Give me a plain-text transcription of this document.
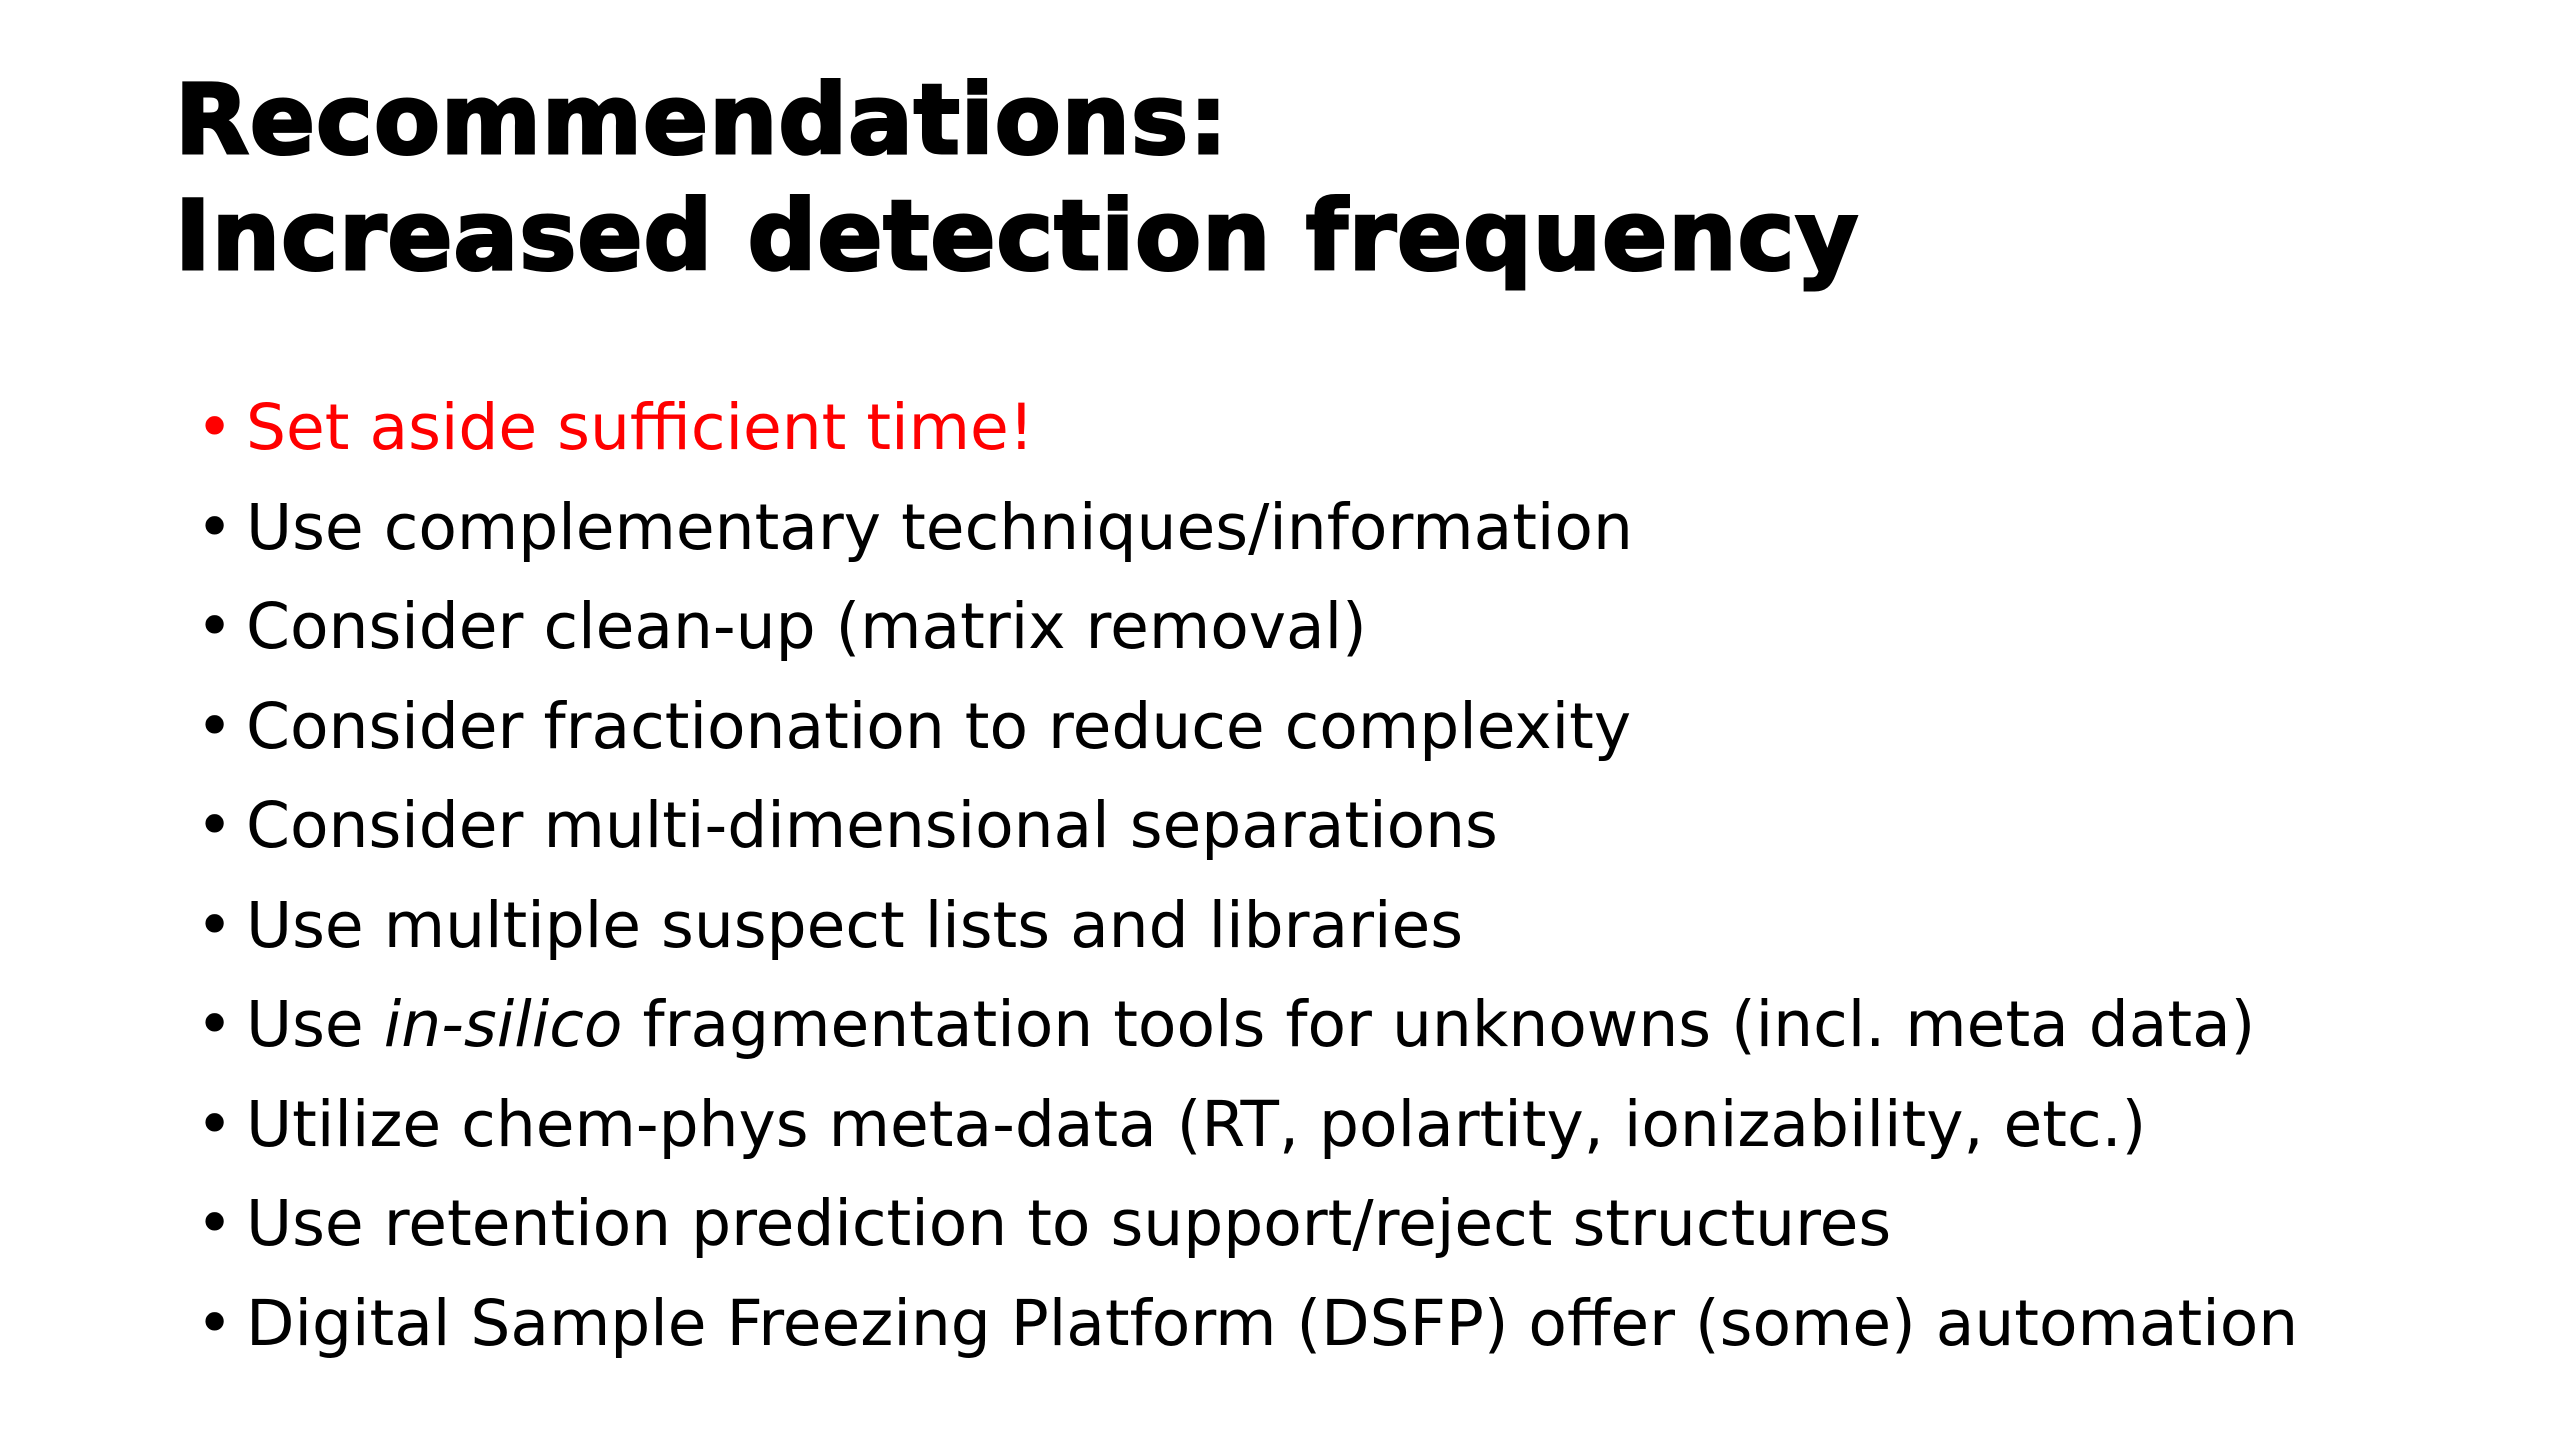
Recommendations:
Increased detection frequency
• Set aside sufficient time!
• Use complementary techniques/information
• Consider clean-up (matrix removal)
• Consider fractionation to reduce complexity
• Consider multi-dimensional separations
• Use multiple suspect lists and libraries
• Use in-silico fragmentation tools for unknowns (incl. meta data)
• Utilize chem-phys meta-data (RT, polartity, ionizability, etc.)
• Use retention prediction to support/reject structures
• Digital Sample Freezing Platform (DSFP) offer (some) automation
